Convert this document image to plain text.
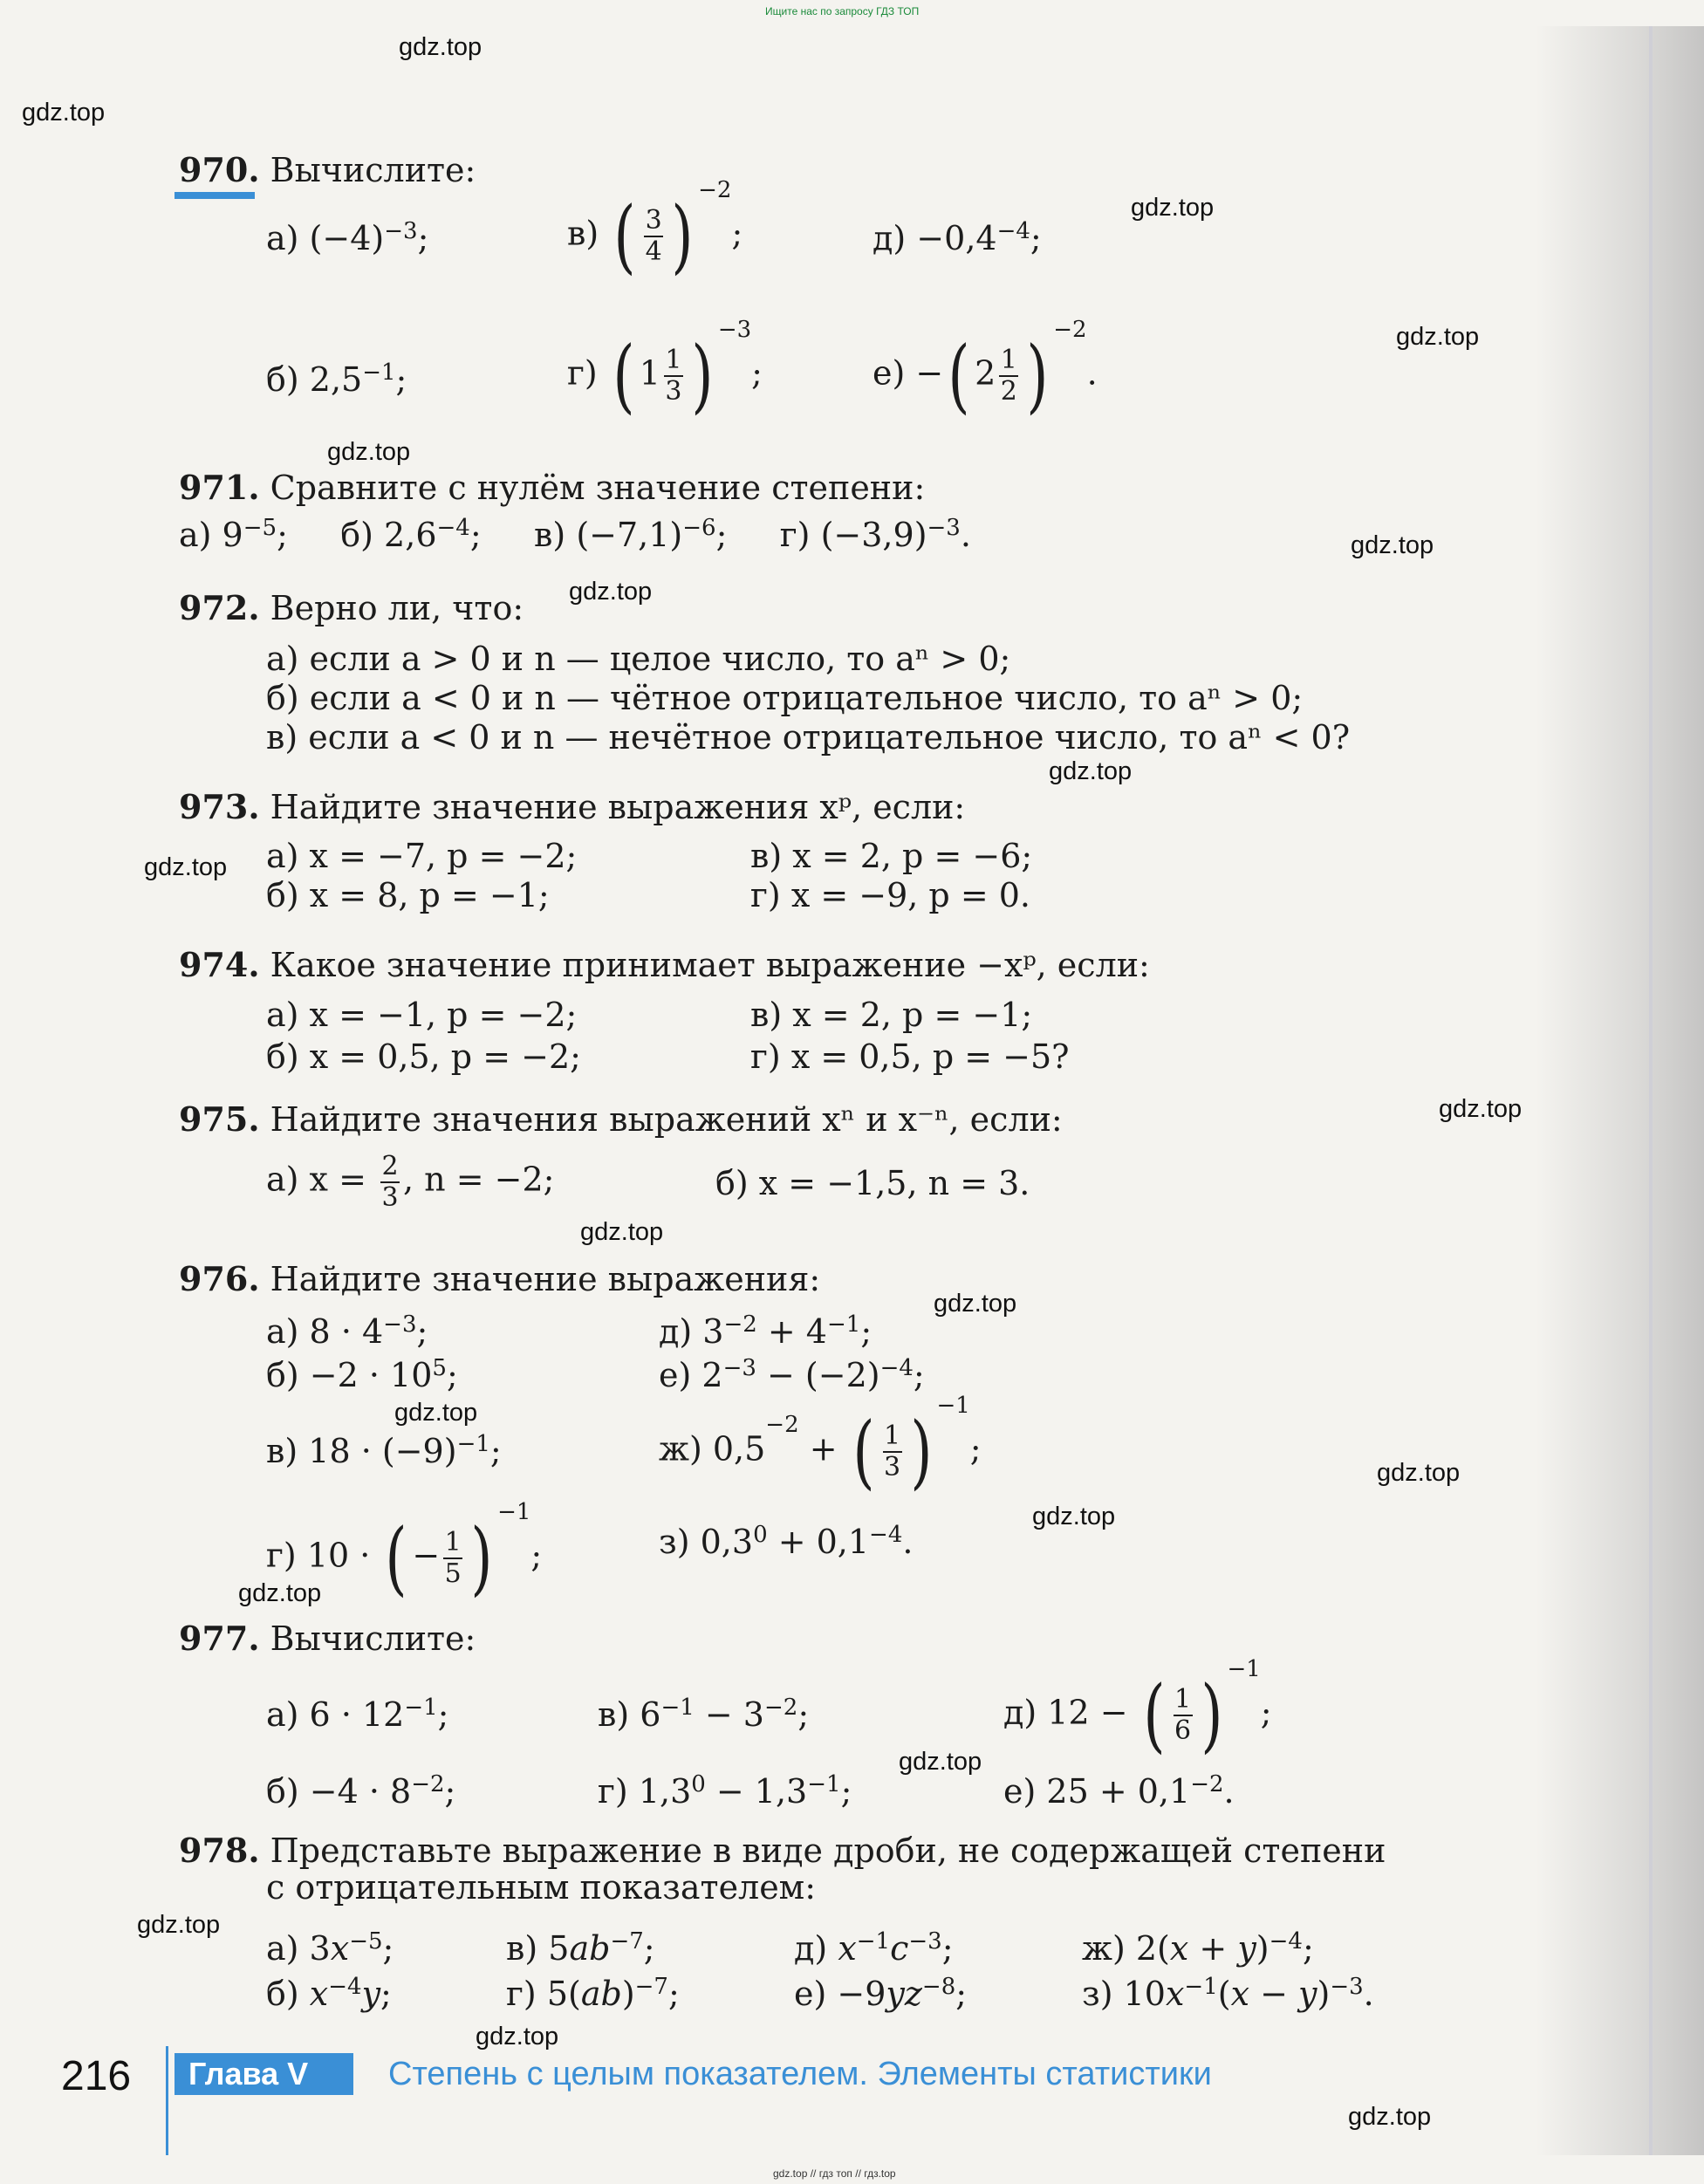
Ищите нас по запросу ГДЗ ТОП
gdz.top // гдз топ // гдз.top
gdz.top
gdz.top
gdz.top
gdz.top
gdz.top
gdz.top
gdz.top
gdz.top
gdz.top
gdz.top
gdz.top
gdz.top
gdz.top
gdz.top
gdz.top
gdz.top
gdz.top
gdz.top
gdz.top
gdz.top
970. Вычислите:
а) $(-4)^{-3}$;	в) ( $\frac{3}{4}$ ) $^{-2}$;	$д) -0,4^{-4}$;
б) $2,5^{-1}$;	г) ( $1 \frac{1}{3}$ ) $^{-3}$;	е) −( $2 \frac{1}{2}$ ) $^{-2}$.
971. Сравните с нулём значение степени:
а) $9^{-5}$;     б) $2,6^{-4}$;     в) $(-7,1)^{-6}$;     г) $(-3,9)^{-3}$.
972. Верно ли, что:
а) если a > 0 и n — целое число, то aⁿ > 0;
б) если a < 0 и n — чётное отрицательное число, то aⁿ > 0;
в) если a < 0 и n — нечётное отрицательное число, то aⁿ < 0?
973. Найдите значение выражения xᵖ, если:
а) x = −7, p = −2;	в) x = 2, p = −6;
б) x = 8, p = −1;	г) x = −9, p = 0.
974. Какое значение принимает выражение −xᵖ, если:
а) x = −1, p = −2;	в) x = 2, p = −1;
б) x = 0,5, p = −2;	г) x = 0,5, p = −5?
975. Найдите значения выражений xⁿ и x⁻ⁿ, если:
а) $x = \frac{2}{3}$ , n = −2;	б) x = −1,5, n = 3.
976. Найдите значение выражения:
а) $8 \cdot 4^{-3}$;	д) $3^{-2} + 4^{-1}$;
$б) -2 \cdot 10^5$;	е) $2^{-3} - (-2)^{-4}$;
в) $18 \cdot (-9)^{-1}$;	ж) $0,5^{-2}$ + ( $\frac{1}{3}$ ) $^{-1}$;
г) 10 · ( − $\frac{1}{5}$ ) $^{-1}$;	з) $0,3^0 + 0,1^{-4}$.
977. Вычислите:
а) $6 \cdot 12^{-1}$;	в) $6^{-1} - 3^{-2}$;	д) 12 − ( $\frac{1}{6}$ ) $^{-1}$;
$б) -4 \cdot 8^{-2}$;	г) $1,3^0 - 1,3^{-1}$;	е) $25 + 0,1^{-2}$.
978. Представьте выражение в виде дроби, не содержащей степени
с отрицательным показателем:
а) $3x^{-5}$;	в) $5ab^{-7}$;	д) $x^{-1}c^{-3}$;	ж) $2(x + y)^{-4}$;
б) $x^{-4}y$;	г) 5(ab)$^{-7}$;	$е) -9yz^{-8}$;	з) $10x^{-1}(x - y)^{-3}$.
216	Глава V	Степень с целым показателем. Элементы статистики
